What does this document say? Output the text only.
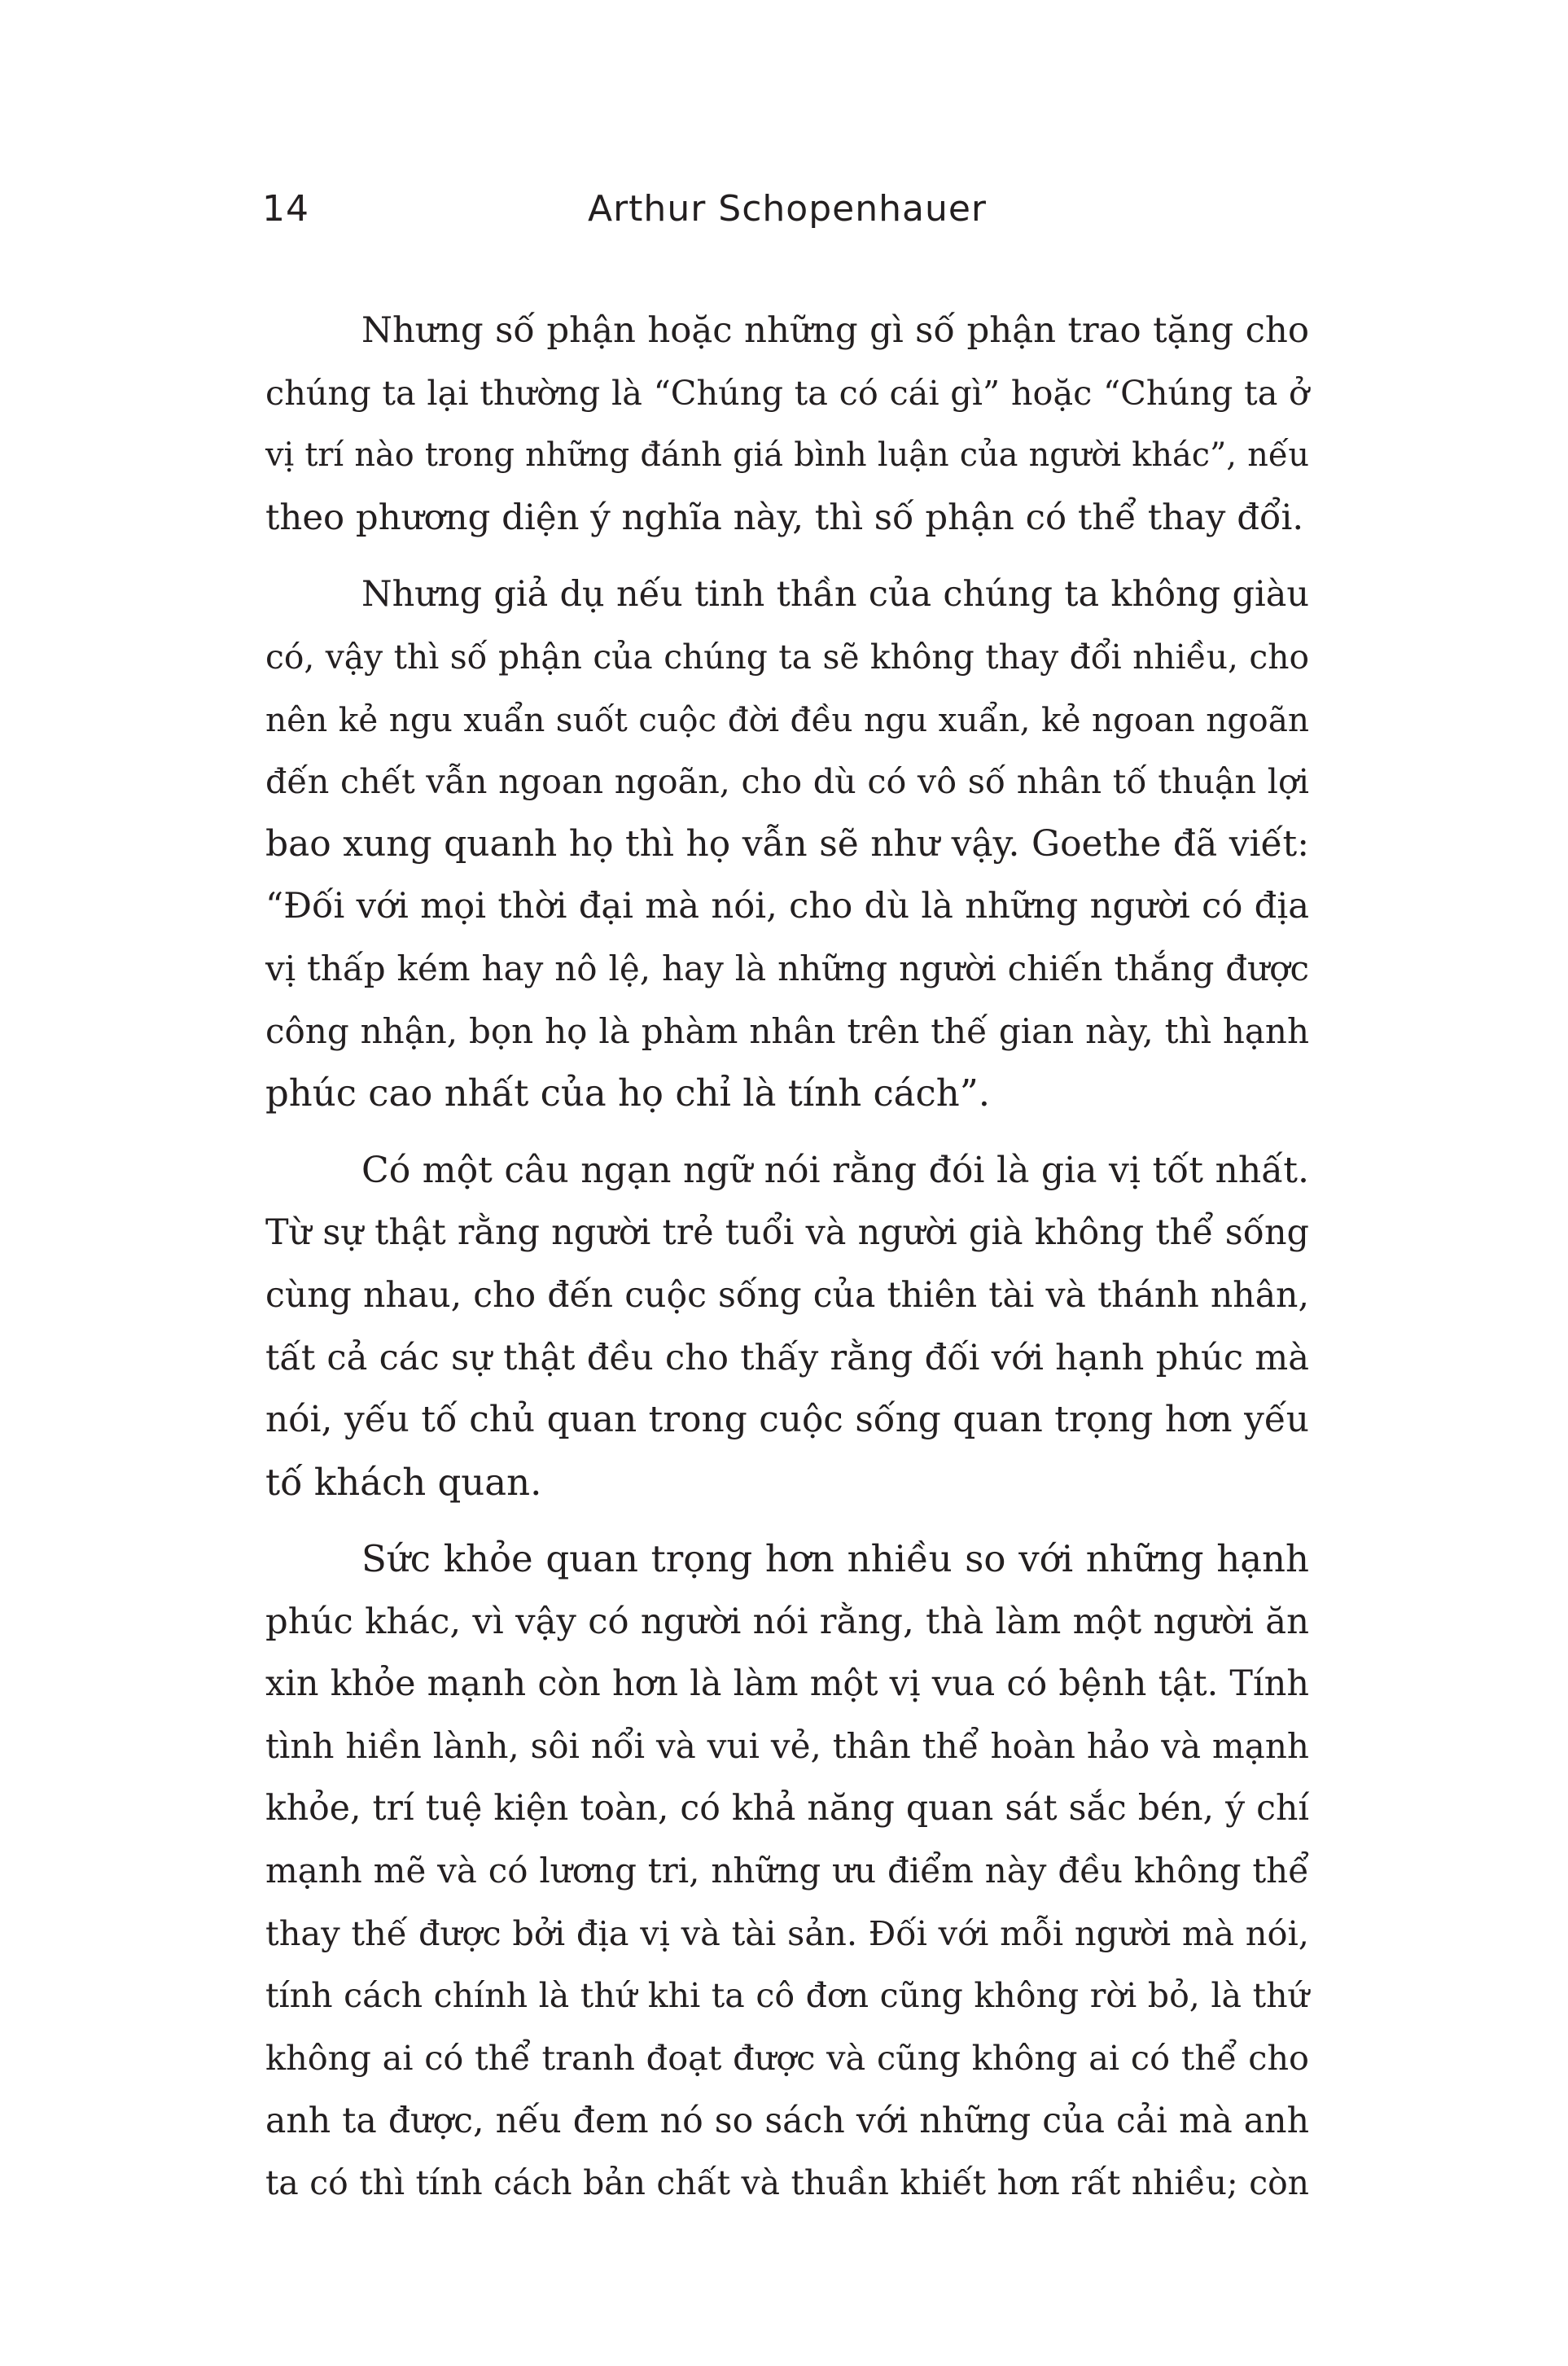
14	Arthur Schopenhauer
Nhưng số phận hoặc những gì số phận trao tặng cho
chúng ta lại thường là “Chúng ta có cái gì” hoặc “Chúng ta ở
vị trí nào trong những đánh giá bình luận của người khác”, nếu
theo phương diện ý nghĩa này, thì số phận có thể thay đổi.
Nhưng giả dụ nếu tinh thần của chúng ta không giàu
có, vậy thì số phận của chúng ta sẽ không thay đổi nhiều, cho
nên kẻ ngu xuẩn suốt cuộc đời đều ngu xuẩn, kẻ ngoan ngoãn
đến chết vẫn ngoan ngoãn, cho dù có vô số nhân tố thuận lợi
bao xung quanh họ thì họ vẫn sẽ như vậy. Goethe đã viết:
“Đối với mọi thời đại mà nói, cho dù là những người có địa
vị thấp kém hay nô lệ, hay là những người chiến thắng được
công nhận, bọn họ là phàm nhân trên thế gian này, thì hạnh
phúc cao nhất của họ chỉ là tính cách”.
Có một câu ngạn ngữ nói rằng đói là gia vị tốt nhất.
Từ sự thật rằng người trẻ tuổi và người già không thể sống
cùng nhau, cho đến cuộc sống của thiên tài và thánh nhân,
tất cả các sự thật đều cho thấy rằng đối với hạnh phúc mà
nói, yếu tố chủ quan trong cuộc sống quan trọng hơn yếu
tố khách quan.
Sức khỏe quan trọng hơn nhiều so với những hạnh
phúc khác, vì vậy có người nói rằng, thà làm một người ăn
xin khỏe mạnh còn hơn là làm một vị vua có bệnh tật. Tính
tình hiền lành, sôi nổi và vui vẻ, thân thể hoàn hảo và mạnh
khỏe, trí tuệ kiện toàn, có khả năng quan sát sắc bén, ý chí
mạnh mẽ và có lương tri, những ưu điểm này đều không thể
thay thế được bởi địa vị và tài sản. Đối với mỗi người mà nói,
tính cách chính là thứ khi ta cô đơn cũng không rời bỏ, là thứ
không ai có thể tranh đoạt được và cũng không ai có thể cho
anh ta được, nếu đem nó so sách với những của cải mà anh
ta có thì tính cách bản chất và thuần khiết hơn rất nhiều; còn
